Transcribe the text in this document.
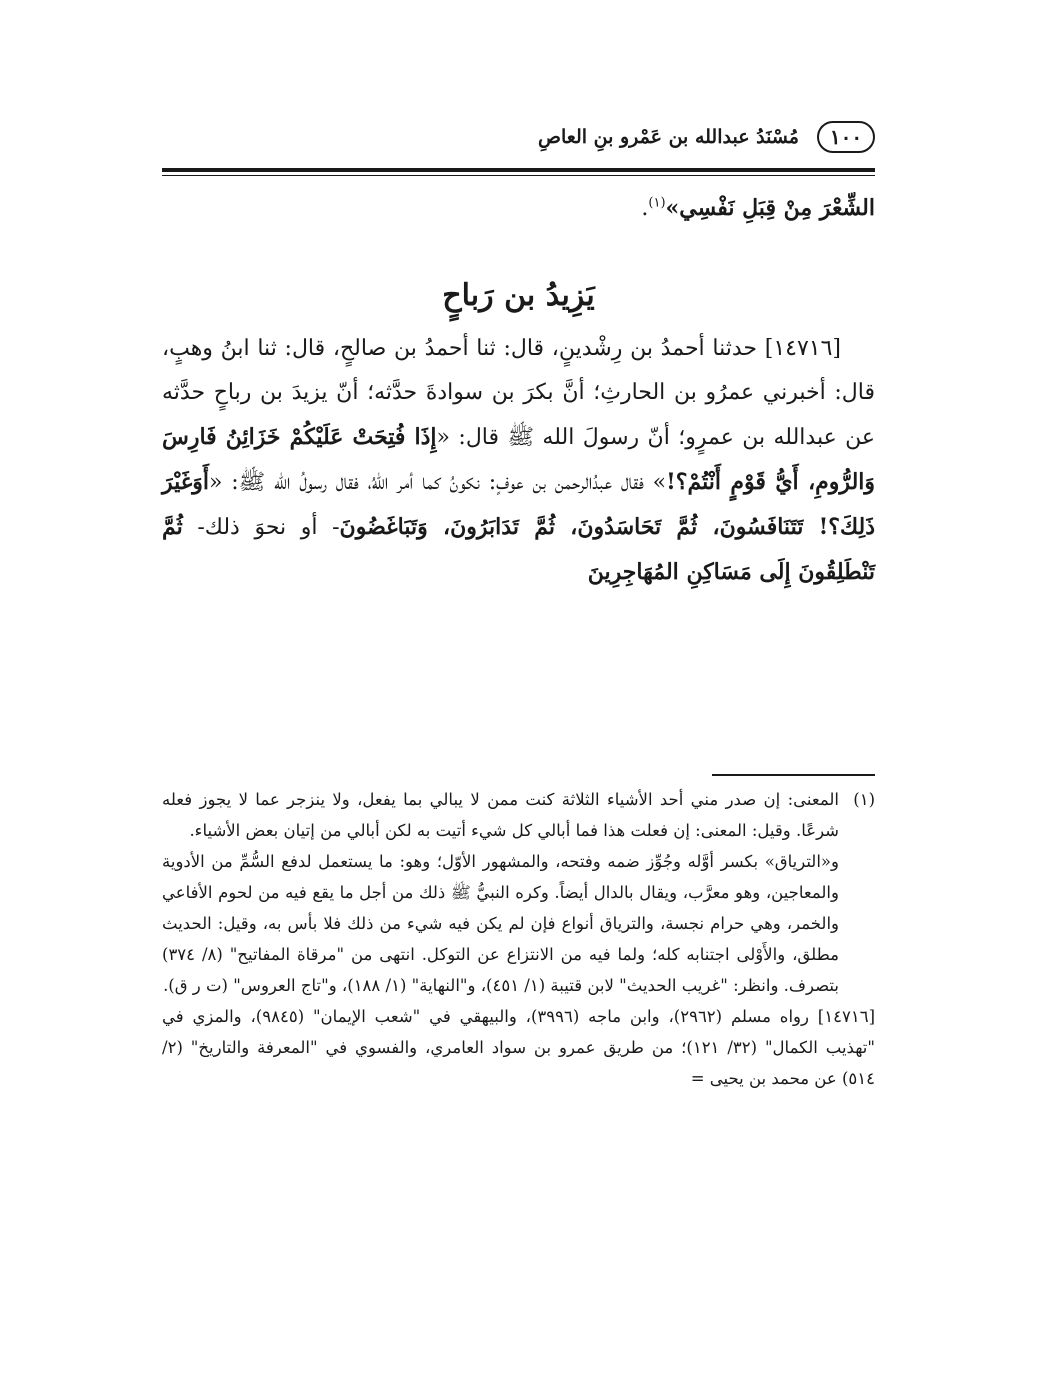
١٠٠
مُسْنَدُ عبدالله بن عَمْرو بنِ العاصِ

الشِّعْرَ مِنْ قِبَلِ نَفْسِي»$^{(١)}$.

يَزِيدُ بن رَباحٍ

[١٤٧١٦] حدثنا أحمدُ بن رِشْدينٍ، قال: ثنا أحمدُ بن صالحٍ، قال: ثنا ابنُ وهبٍ، قال: أخبرني عمرُو بن الحارثِ؛ أنَّ بكرَ بن سوادةَ حدَّثه؛ أنّ يزيدَ بن رباحٍ حدَّثه عن عبدالله بن عمرٍو؛ أنّ رسولَ الله ﷺ قال: «إِذَا فُتِحَتْ عَلَيْكُمْ خَزَائِنُ فَارِسَ وَالرُّومِ، أَيُّ قَوْمٍ أَنْتُمْ؟!» فقال عبدُالرحمن بن عوفٍ: نكونُ كما أمر اللهُ، فقال رسولُ الله ﷺ: «أَوَغَيْرَ ذَلِكَ؟! تَتَنَافَسُونَ، ثُمَّ تَحَاسَدُونَ، ثُمَّ تَدَابَرُونَ، وَتَبَاغَضُونَ- أو نحوَ ذلك- ثُمَّ تَنْطَلِقُونَ إِلَى مَسَاكِنِ المُهَاجِرِينَ

(١)

المعنى: إن صدر مني أحد الأشياء الثلاثة كنت ممن لا يبالي بما يفعل، ولا ينزجر عما لا يجوز فعله شرعًا. وقيل: المعنى: إن فعلت هذا فما أبالي كل شيء أتيت به لكن أبالي من إتيان بعض الأشياء.

و«الترياق» بكسر أوَّله وجُوِّز ضمه وفتحه، والمشهور الأوّل؛ وهو: ما يستعمل لدفع السُّمِّ من الأدوية والمعاجين، وهو معرَّب، ويقال بالدال أيضاً. وكره النبيُّ ﷺ ذلك من أجل ما يقع فيه من لحوم الأفاعي والخمر، وهي حرام نجسة، والترياق أنواع فإن لم يكن فيه شيء من ذلك فلا بأس به، وقيل: الحديث مطلق، والأَوْلى اجتنابه كله؛ ولما فيه من الانتزاع عن التوكل. انتهى من "مرقاة المفاتيح" (٨/ ٣٧٤) بتصرف. وانظر: "غريب الحديث" لابن قتيبة (١/ ٤٥١)، و"النهاية" (١/ ١٨٨)، و"تاج العروس" (ت ر ق).

[١٤٧١٦] رواه مسلم (٢٩٦٢)، وابن ماجه (٣٩٩٦)، والبيهقي في "شعب الإيمان" (٩٨٤٥)، والمزي في "تهذيب الكمال" (٣٢/ ١٢١)؛ من طريق عمرو بن سواد العامري، والفسوي في "المعرفة والتاريخ" (٢/ ٥١٤) عن محمد بن يحيى =
